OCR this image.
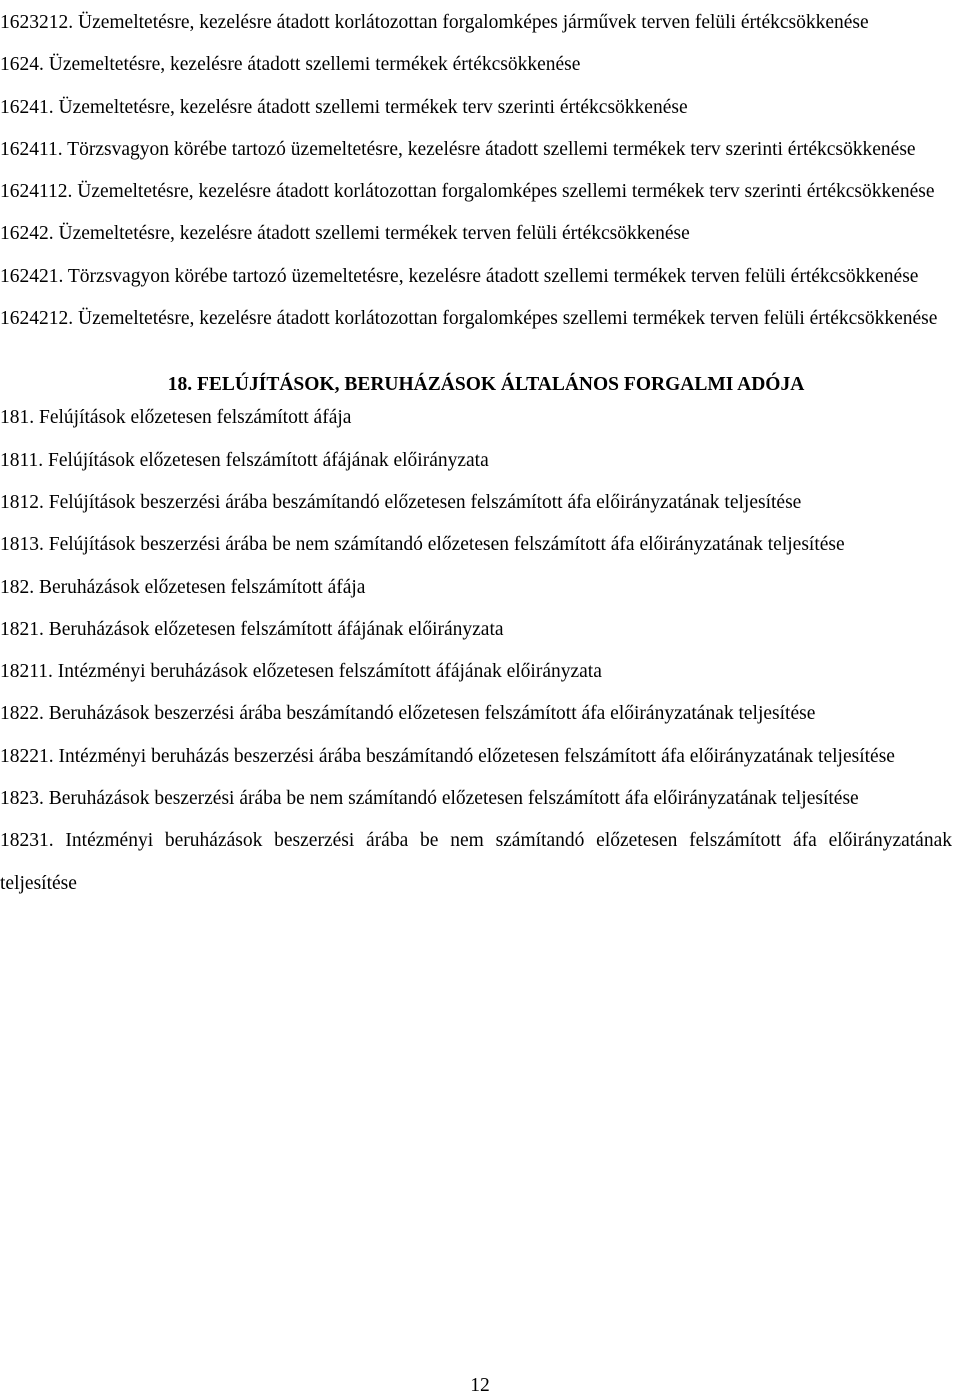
1623212. Üzemeltetésre, kezelésre átadott korlátozottan forgalomképes járművek terven felüli értékcsökkenése

1624. Üzemeltetésre, kezelésre átadott szellemi termékek értékcsökkenése

16241. Üzemeltetésre, kezelésre átadott szellemi termékek terv szerinti értékcsökkenése

162411. Törzsvagyon körébe tartozó üzemeltetésre, kezelésre átadott szellemi termékek terv szerinti értékcsökkenése

1624112. Üzemeltetésre, kezelésre átadott korlátozottan forgalomképes szellemi termékek terv szerinti értékcsökkenése

16242. Üzemeltetésre, kezelésre átadott szellemi termékek terven felüli értékcsökkenése

162421. Törzsvagyon körébe tartozó üzemeltetésre, kezelésre átadott szellemi termékek terven felüli értékcsökkenése

1624212. Üzemeltetésre, kezelésre átadott korlátozottan forgalomképes szellemi termékek terven felüli értékcsökkenése

18. FELÚJÍTÁSOK, BERUHÁZÁSOK ÁLTALÁNOS FORGALMI ADÓJA

181. Felújítások előzetesen felszámított áfája

1811. Felújítások előzetesen felszámított áfájának előirányzata

1812. Felújítások beszerzési árába beszámítandó előzetesen felszámított áfa előirányzatának teljesítése

1813. Felújítások beszerzési árába be nem számítandó előzetesen felszámított áfa előirányzatának teljesítése

182. Beruházások előzetesen felszámított áfája

1821. Beruházások előzetesen felszámított áfájának előirányzata

18211. Intézményi beruházások előzetesen felszámított áfájának előirányzata

1822. Beruházások beszerzési árába beszámítandó előzetesen felszámított áfa előirányzatának teljesítése

18221. Intézményi beruházás beszerzési árába beszámítandó előzetesen felszámított áfa előirányzatának teljesítése

1823. Beruházások beszerzési árába be nem számítandó előzetesen felszámított áfa előirányzatának teljesítése

18231. Intézményi beruházások beszerzési árába be nem számítandó előzetesen felszámított áfa előirányzatának teljesítése

12
